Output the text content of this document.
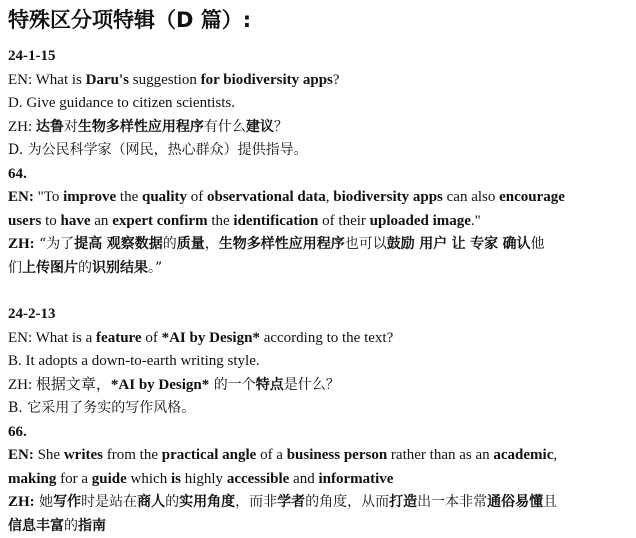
特殊区分项特辑（D 篇）:
24-1-15
EN: What is Daru's suggestion for biodiversity apps?
D. Give guidance to citizen scientists.
ZH: 达鲁对生物多样性应用程序有什么建议？
D. 为公民科学家（网民，热心群众）提供指导。
64.
EN: "To improve the quality of observational data, biodiversity apps can also encourage
users to have an expert confirm the identification of their uploaded image."
ZH: “为了提高 观察数据的质量，生物多样性应用程序也可以鼓励 用户 让 专家 确认他
们上传图片的识别结果。”
24-2-13
EN: What is a feature of *AI by Design* according to the text?
B. It adopts a down-to-earth writing style.
ZH: 根据文章，*AI by Design* 的一个特点是什么？
B. 它采用了务实的写作风格。
66.
EN: She writes from the practical angle of a business person rather than as an academic,
making for a guide which is highly accessible and informative
ZH: 她写作时是站在商人的实用角度，而非学者的角度，从而打造出一本非常通俗易懂且
信息丰富的指南
